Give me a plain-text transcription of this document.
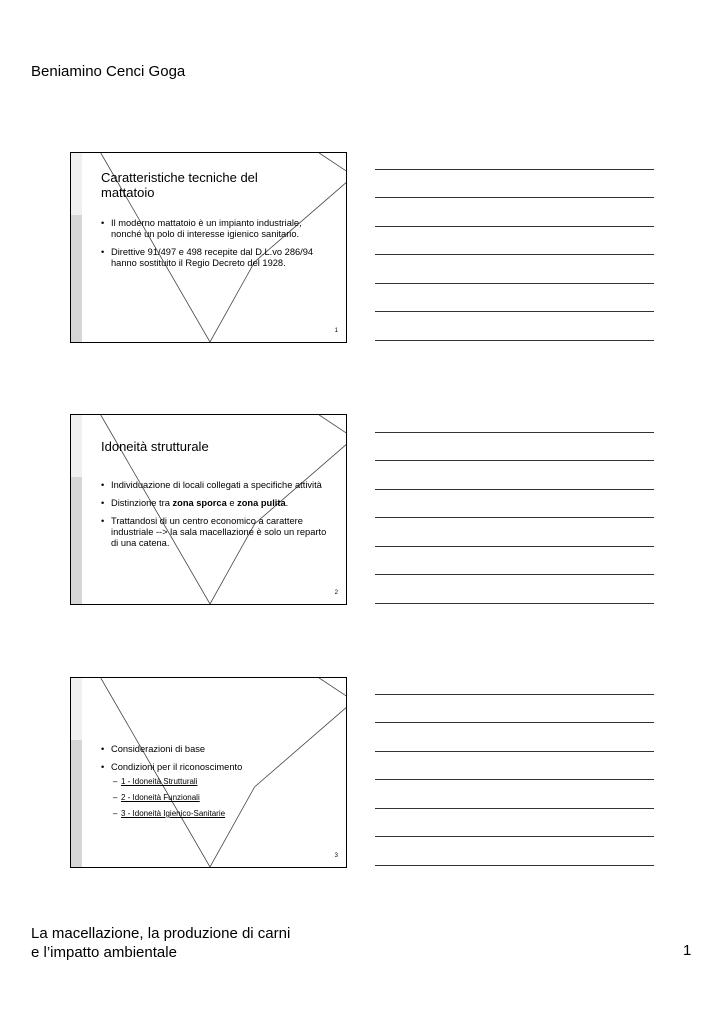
Beniamino Cenci Goga
Caratteristiche tecniche del mattatoio
• Il moderno mattatoio è un impianto industriale, nonché un polo di interesse igienico sanitario.
• Direttive 91/497 e 498 recepite dal D.L.vo 286/94 hanno sostituito il Regio Decreto del 1928.
1
Idoneità strutturale
• Individuazione di locali collegati a specifiche attività
• Distinzione tra zona sporca e zona pulita.
• Trattandosi di un centro economico a carattere industriale --> la sala macellazione è solo un reparto di una catena.
2
• Considerazioni di base
• Condizioni per il riconoscimento
– 1 - Idoneità Strutturali
– 2 - Idoneità Funzionali
– 3 - Idoneità Igienico-Sanitarie
3
La macellazione, la produzione di carni
e l’impatto ambientale	1
